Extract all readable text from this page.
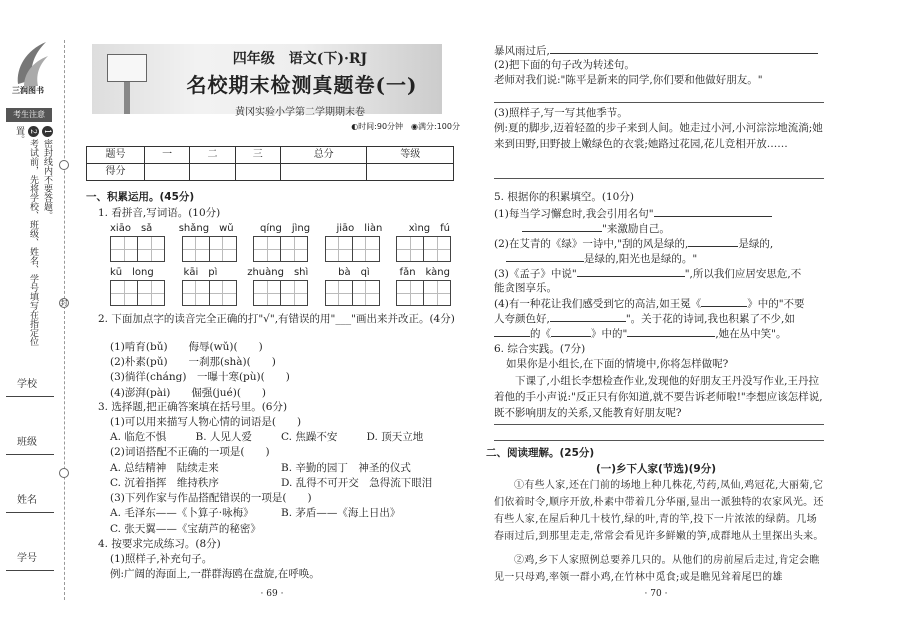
三润图书
考生注意
1密封线内不要答题。
2考试前，先将学校、班级、姓名、学号填写在指定位置。
封
学校
班级
姓名
学号
四年级　语文(下)·RJ
名校期末检测真题卷(一)
黄冈实验小学第二学期期末卷
◐时间:90分钟　◉满分:100分
题号	一	二	三	总分	等级
得分					
一、积累运用。(45分)
1. 看拼音,写词语。(10分)
xiāo　sǎ	shǎng　wǔ	qíng　jìng	jiāo　liàn	xìng　fú
kū　long	kāi　pì	zhuàng　shì	bà　qì	fǎn　kàng
2. 下面加点字的读音完全正确的打"√",有错误的用"___"画出来并改正。(4分)
(1)啃育(bǔ)　　侮辱(wǔ)(　　)
(2)朴素(pǔ)　　一刹那(shà)(　　)
(3)徜徉(cháng)　一曝十寒(pù)(　　)
(4)澎湃(pài)　　倔强(jué)(　　)
3. 选择题,把正确答案填在括号里。(6分)
(1)可以用来描写人物心情的词语是(　　)
A. 临危不惧	B. 人见人爱	C. 焦躁不安	D. 顶天立地
(2)词语搭配不正确的一项是(　　)
A. 总结精神　陆续走来	B. 辛勤的园丁　神圣的仪式
C. 沉着指挥　维持秩序	D. 乱得不可开交　急得流下眼泪
(3)下列作家与作品搭配错误的一项是(　　)
A. 毛泽东——《卜算子·咏梅》	B. 茅盾——《海上日出》
C. 张天翼——《宝葫芦的秘密》
4. 按要求完成练习。(8分)
(1)照样子,补充句子。
例:广阔的海面上,一群群海鸥在盘旋,在呼唤。
· 69 ·
暴风雨过后,
(2)把下面的句子改为转述句。
老师对我们说:"陈平是新来的同学,你们要和他做好朋友。"
(3)照样子,写一写其他季节。
例:夏的脚步,迈着轻盈的步子来到人间。她走过小河,小河淙淙地流淌;她来到田野,田野披上嫩绿色的衣裳;她路过花园,花儿竞相开放……
5. 根据你的积累填空。(10分)
(1)每当学习懈怠时,我会引用名句"
"来激励自己。
(2)在艾青的《绿》一诗中,"刮的风是绿的,	是绿的,
是绿的,阳光也是绿的。"
(3)《孟子》中说"	",所以我们应居安思危,不
能贪图享乐。
(4)有一种花让我们感受到它的高洁,如王冕《	》中的"不要
人夸颜色好,	"。关于花的诗词,我也积累了不少,如
的《	》中的"	,她在丛中笑"。
6. 综合实践。(7分)
如果你是小组长,在下面的情境中,你将怎样做呢?
下课了,小组长李想检查作业,发现他的好朋友王丹没写作业,王丹拉着他的手小声说:"反正只有你知道,就不要告诉老师啦!"李想应该怎样说,既不影响朋友的关系,又能教育好朋友呢?
二、阅读理解。(25分)
(一)乡下人家(节选)(9分)
①有些人家,还在门前的场地上种几株花,芍药,凤仙,鸡冠花,大丽菊,它们依着时令,顺序开放,朴素中带着几分华丽,显出一派独特的农家风光。还有些人家,在屋后种几十枝竹,绿的叶,青的竿,投下一片浓浓的绿荫。几场春雨过后,到那里走走,常常会看见许多鲜嫩的笋,成群地从土里探出头来。
②鸡,乡下人家照例总要养几只的。从他们的房前屋后走过,肯定会瞧见一只母鸡,率领一群小鸡,在竹林中觅食;或是瞧见耸着尾巴的雄
· 70 ·
